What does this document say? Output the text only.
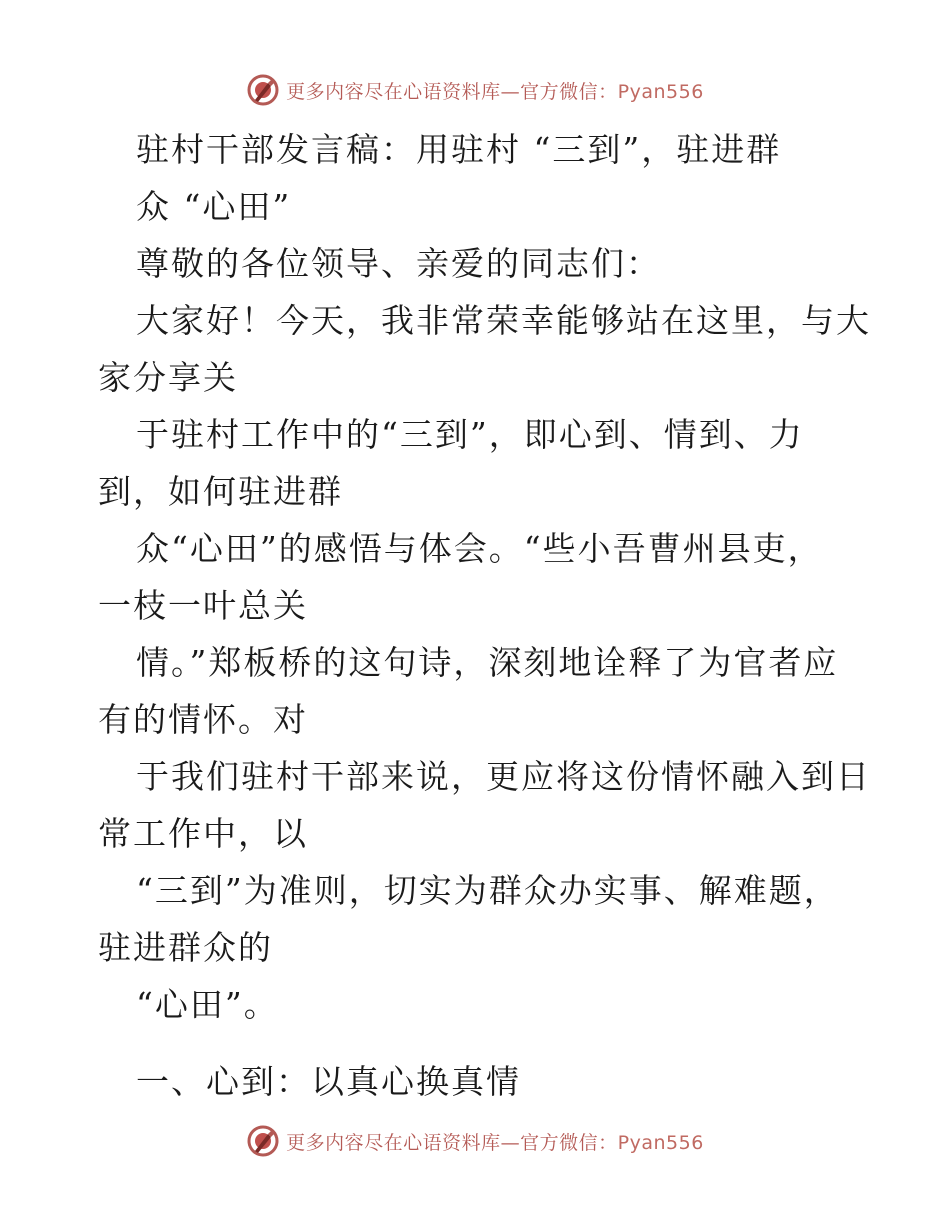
更多内容尽在心语资料库—官方微信：Pyan556
驻村干部发言稿：用驻村 “三到”，驻进群
众 “心田”
尊敬的各位领导、亲爱的同志们：
大家好！今天，我非常荣幸能够站在这里，与大
家分享关
于驻村工作中的“三到”，即心到、情到、力
到，如何驻进群
众“心田”的感悟与体会。“些小吾曹州县吏，
一枝一叶总关
情。”郑板桥的这句诗，深刻地诠释了为官者应
有的情怀。对
于我们驻村干部来说，更应将这份情怀融入到日
常工作中，以
“三到”为准则，切实为群众办实事、解难题，
驻进群众的
“心田”。
一、心到：以真心换真情
更多内容尽在心语资料库—官方微信：Pyan556
